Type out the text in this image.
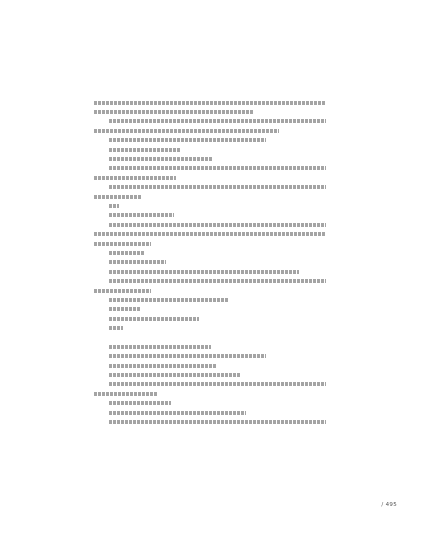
/ 495
